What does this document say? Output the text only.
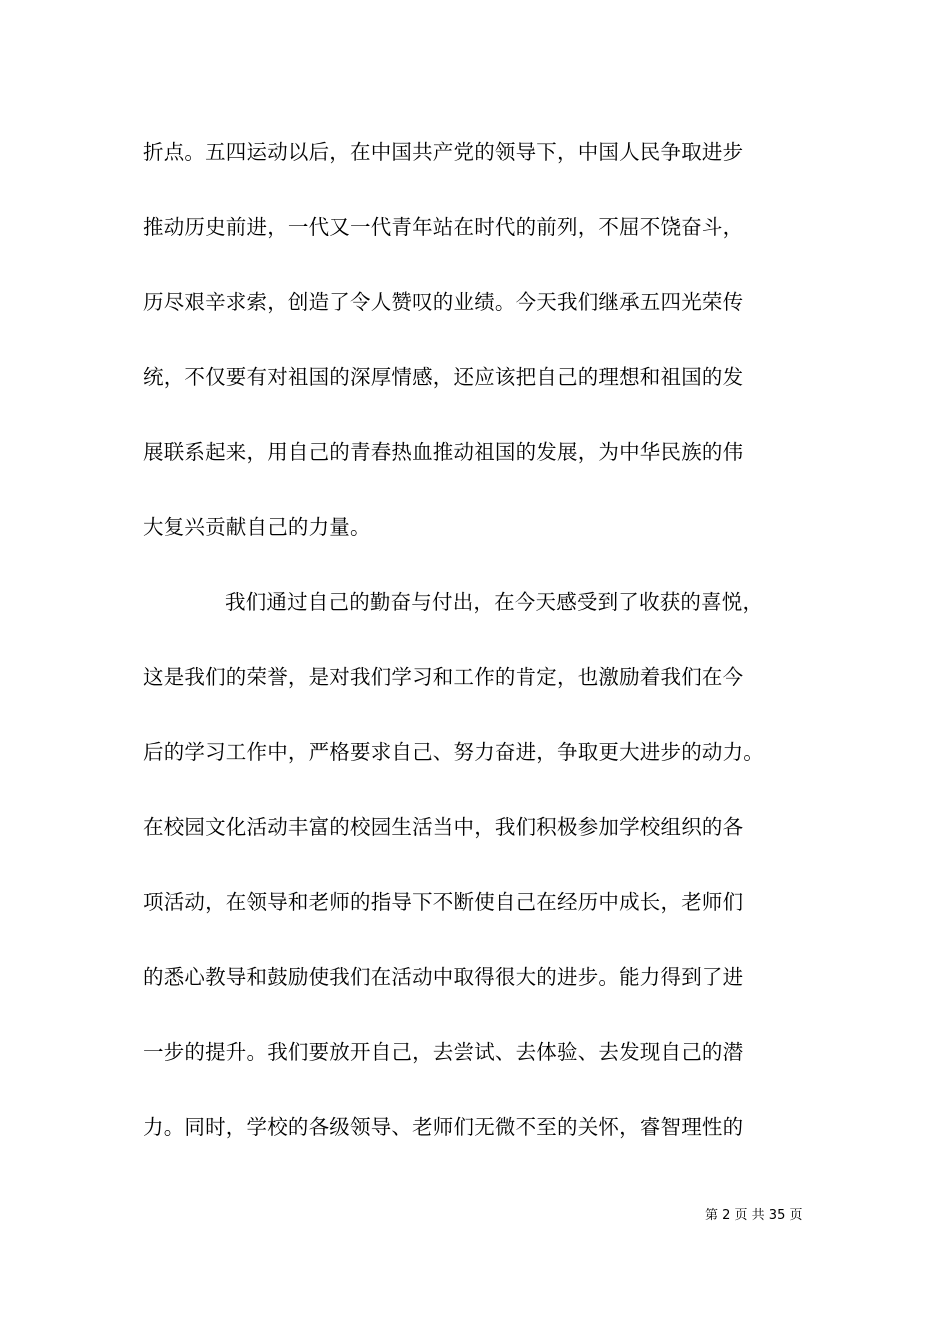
折点。五四运动以后，在中国共产党的领导下，中国人民争取进步
推动历史前进，一代又一代青年站在时代的前列，不屈不饶奋斗，
历尽艰辛求索，创造了令人赞叹的业绩。今天我们继承五四光荣传
统，不仅要有对祖国的深厚情感，还应该把自己的理想和祖国的发
展联系起来，用自己的青春热血推动祖国的发展，为中华民族的伟
大复兴贡献自己的力量。
我们通过自己的勤奋与付出，在今天感受到了收获的喜悦，
这是我们的荣誉，是对我们学习和工作的肯定，也激励着我们在今
后的学习工作中，严格要求自己、努力奋进，争取更大进步的动力。
在校园文化活动丰富的校园生活当中，我们积极参加学校组织的各
项活动，在领导和老师的指导下不断使自己在经历中成长，老师们
的悉心教导和鼓励使我们在活动中取得很大的进步。能力得到了进
一步的提升。我们要放开自己，去尝试、去体验、去发现自己的潜
力。同时，学校的各级领导、老师们无微不至的关怀，睿智理性的
第 2 页 共 35 页
